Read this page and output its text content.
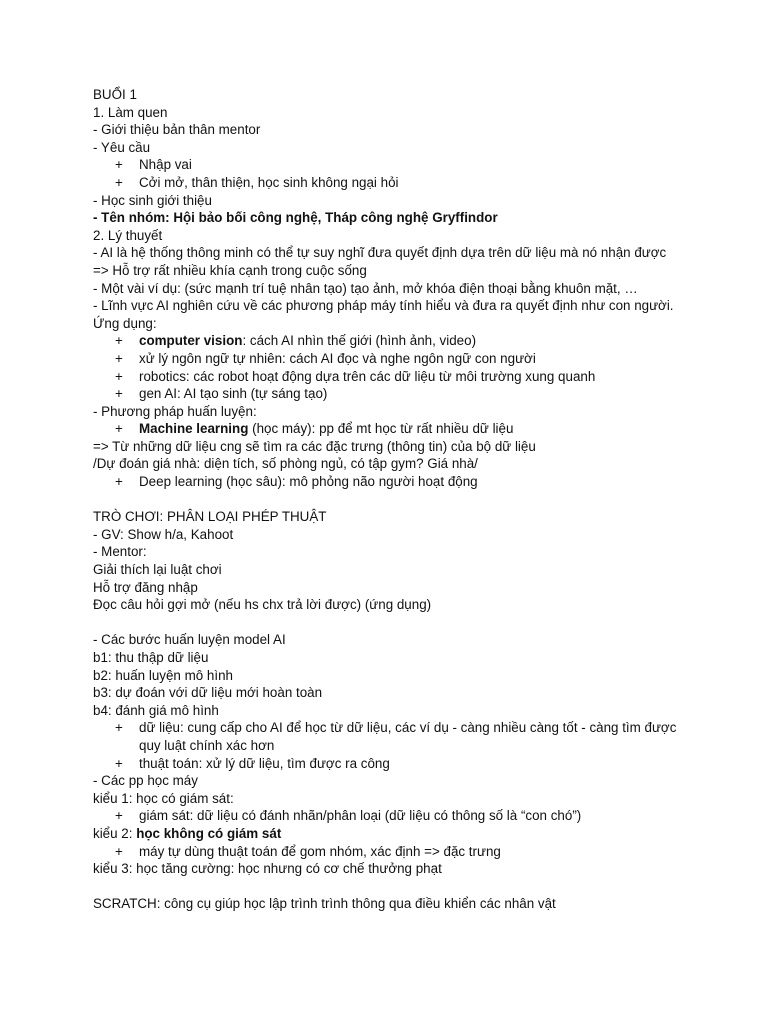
BUỔI 1
1. Làm quen
- Giới thiệu bản thân mentor
- Yêu cầu
+ Nhập vai
+ Cởi mở, thân thiện, học sinh không ngại hỏi
- Học sinh giới thiệu
- Tên nhóm: Hội bảo bối công nghệ, Tháp công nghệ Gryffindor
2. Lý thuyết
- AI là hệ thống thông minh có thể tự suy nghĩ đưa quyết định dựa trên dữ liệu mà nó nhận được
=> Hỗ trợ rất nhiều khía cạnh trong cuộc sống
- Một vài ví dụ: (sức mạnh trí tuệ nhân tạo) tạo ảnh, mở khóa điện thoại bằng khuôn mặt, …
- Lĩnh vực AI nghiên cứu về các phương pháp máy tính hiểu và đưa ra quyết định như con người. Ứng dụng:
+ computer vision: cách AI nhìn thế giới (hình ảnh, video)
+ xử lý ngôn ngữ tự nhiên: cách AI đọc và nghe ngôn ngữ con người
+ robotics: các robot hoạt động dựa trên các dữ liệu từ môi trường xung quanh
+ gen AI: AI tạo sinh (tự sáng tạo)
- Phương pháp huấn luyện:
+ Machine learning (học máy): pp để mt học từ rất nhiều dữ liệu
=> Từ những dữ liệu cng sẽ tìm ra các đặc trưng (thông tin) của bộ dữ liệu
/Dự đoán giá nhà: diện tích, số phòng ngủ, có tập gym? Giá nhà/
+ Deep learning (học sâu): mô phỏng não người hoạt động
TRÒ CHƠI: PHÂN LOẠI PHÉP THUẬT
- GV: Show h/a, Kahoot
- Mentor:
Giải thích lại luật chơi
Hỗ trợ đăng nhập
Đọc câu hỏi gợi mở (nếu hs chx trả lời được) (ứng dụng)
- Các bước huấn luyện model AI
b1: thu thập dữ liệu
b2: huấn luyện mô hình
b3: dự đoán với dữ liệu mới hoàn toàn
b4: đánh giá mô hình
+ dữ liệu: cung cấp cho AI để học từ dữ liệu, các ví dụ - càng nhiều càng tốt - càng tìm được quy luật chính xác hơn
+ thuật toán: xử lý dữ liệu, tìm được ra công
- Các pp học máy
kiểu 1: học có giám sát:
+ giám sát: dữ liệu có đánh nhãn/phân loại (dữ liệu có thông số là “con chó”)
kiểu 2: học không có giám sát
+ máy tự dùng thuật toán để gom nhóm, xác định => đặc trưng
kiểu 3: học tăng cường: học nhưng có cơ chế thưởng phạt
SCRATCH: công cụ giúp học lập trình trình thông qua điều khiển các nhân vật
